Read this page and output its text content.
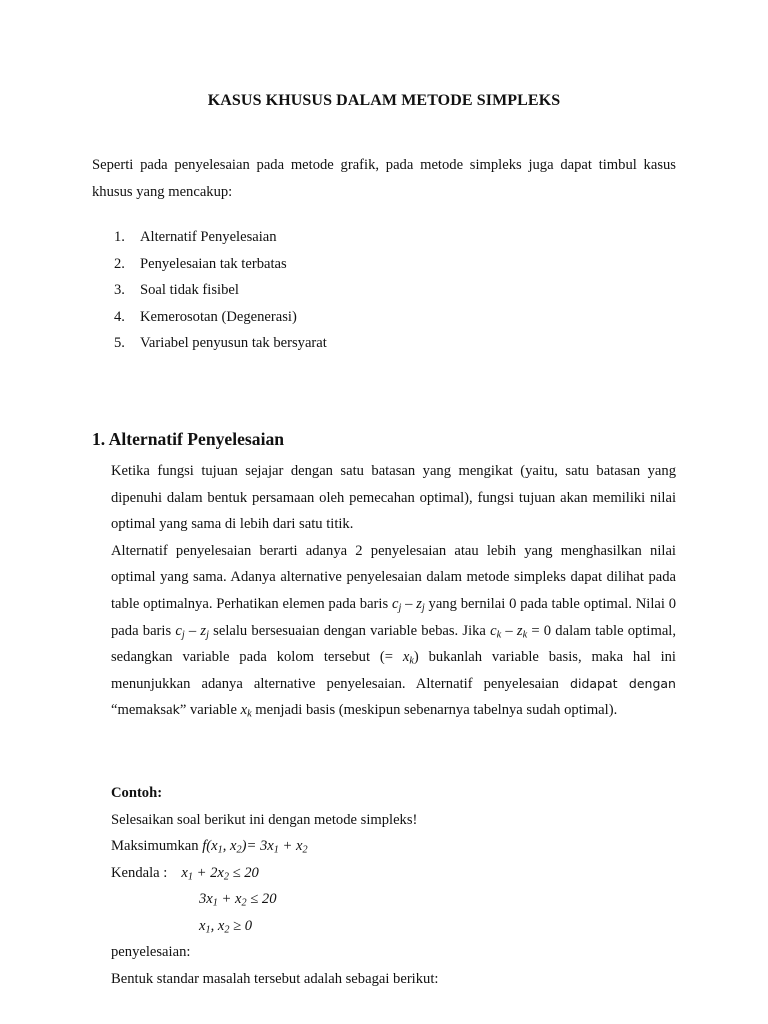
KASUS KHUSUS DALAM METODE SIMPLEKS
Seperti pada penyelesaian pada metode grafik, pada metode simpleks juga dapat timbul kasus khusus yang mencakup:
1.	Alternatif Penyelesaian
2.	Penyelesaian tak terbatas
3.	Soal tidak fisibel
4.	Kemerosotan (Degenerasi)
5.	Variabel penyusun tak bersyarat
1. Alternatif Penyelesaian

Ketika fungsi tujuan sejajar dengan satu batasan yang mengikat (yaitu, satu batasan yang dipenuhi dalam bentuk persamaan oleh pemecahan optimal), fungsi tujuan akan memiliki nilai optimal yang sama di lebih dari satu titik.

Alternatif penyelesaian berarti adanya 2 penyelesaian atau lebih yang menghasilkan nilai optimal yang sama. Adanya alternative penyelesaian dalam metode simpleks dapat dilihat pada table optimalnya. Perhatikan elemen pada baris $c_j - z_j$ yang bernilai 0 pada table optimal. Nilai 0 pada baris $c_j - z_j$ selalu bersesuaian dengan variable bebas. Jika $c_k - z_k = 0$ dalam table optimal, sedangkan variable pada kolom tersebut (= $x_k$) bukanlah variable basis, maka hal ini menunjukkan adanya alternative penyelesaian. Alternatif penyelesaian didapat dengan “memaksak” variable $x_k$ menjadi basis (meskipun sebenarnya tabelnya sudah optimal).

Contoh:
Selesaikan soal berikut ini dengan metode simpleks!
Maksimumkan $f(x_1$, $x_2)= 3x_1 + x_2$
Kendala : $x_1 + 2x_2 \le 20$
$3x_1 + x_2 \le 20$
$x_1$, $x_2 \ge 0$
penyelesaian:
Bentuk standar masalah tersebut adalah sebagai berikut:
